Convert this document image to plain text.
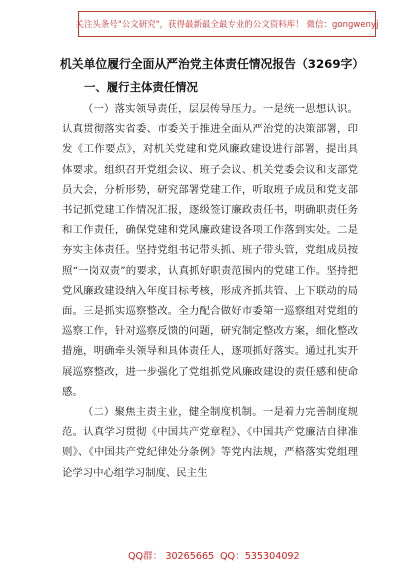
关注头条号"公文研究"，获得最新最全最专业的公文资料库！ 微信：gongwenyj
机关单位履行全面从严治党主体责任情况报告（3269字）
一、履行主体责任情况

（一）落实领导责任，层层传导压力。一是统一思想认识。认真贯彻落实省委、市委关于推进全面从严治党的决策部署，印发《工作要点》，对机关党建和党风廉政建设进行部署，提出具体要求。组织召开党组会议、班子会议、机关党委会议和支部党员大会，分析形势，研究部署党建工作，听取班子成员和党支部书记抓党建工作情况汇报，逐级签订廉政责任书，明确职责任务和工作责任，确保党建和党风廉政建设各项工作落到实处。二是夯实主体责任。坚持党组书记带头抓、班子带头管，党组成员按照“一岗双责”的要求，认真抓好职责范围内的党建工作。坚持把党风廉政建设纳入年度目标考核，形成齐抓共管、上下联动的局面。三是抓实巡察整改。全力配合做好市委第一巡察组对党组的巡察工作，针对巡察反馈的问题，研究制定整改方案，细化整改措施，明确牵头领导和具体责任人，逐项抓好落实。通过扎实开展巡察整改，进一步强化了党组抓党风廉政建设的责任感和使命感。

（二）聚焦主责主业，健全制度机制。一是着力完善制度规范。认真学习贯彻《中国共产党章程》、《中国共产党廉洁自律准则》、《中国共产党纪律处分条例》等党内法规，严格落实党组理论学习中心组学习制度、民主生

QQ群： 30265665 QQ：535304092
